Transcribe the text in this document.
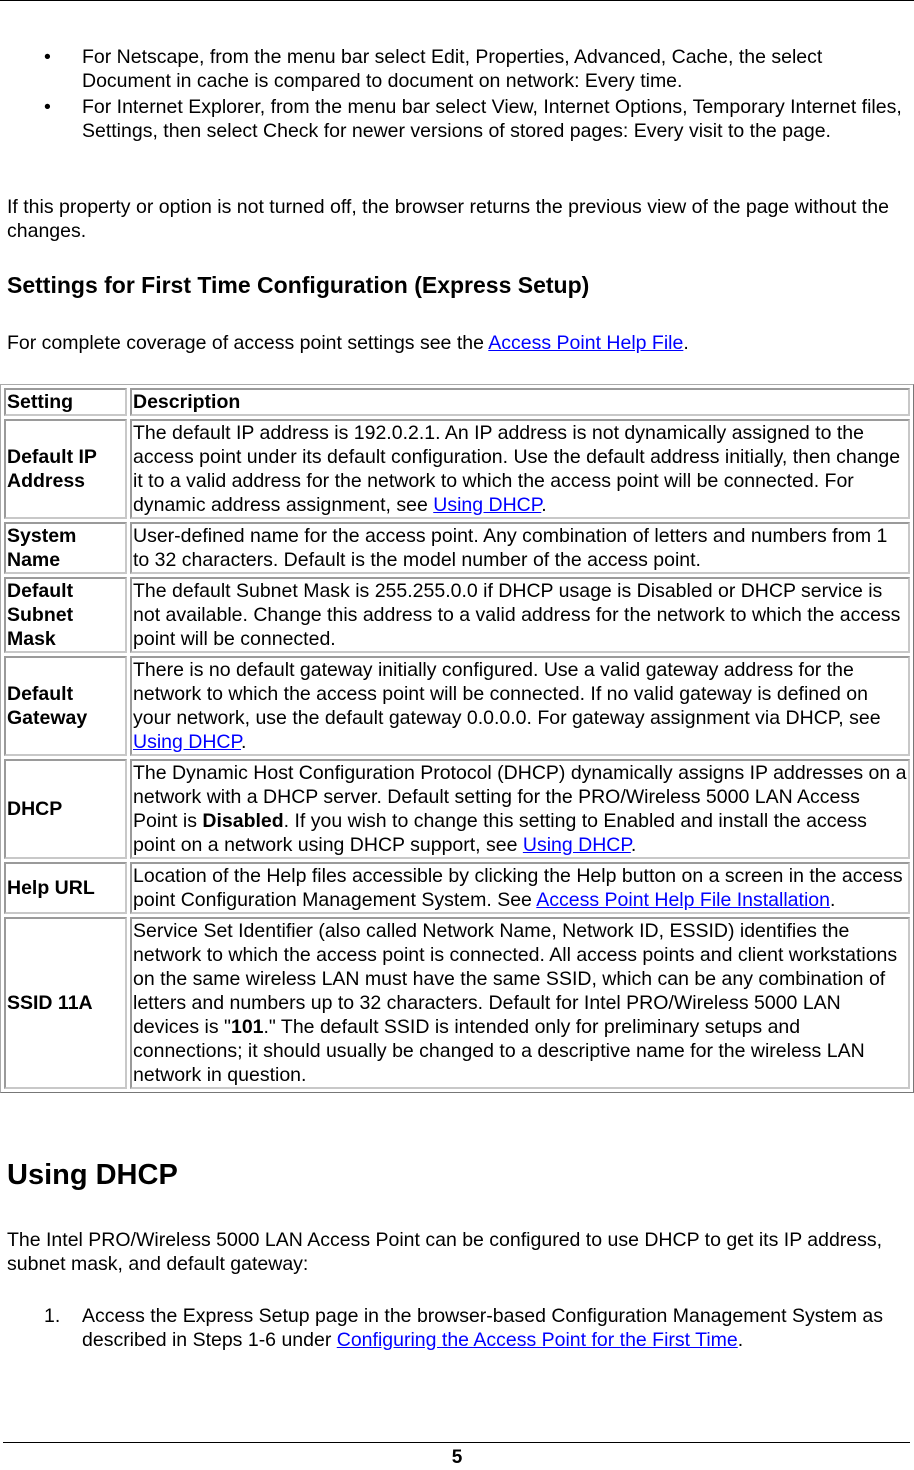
• For Netscape, from the menu bar select Edit, Properties, Advanced, Cache, the select Document in cache is compared to document on network: Every time.
• For Internet Explorer, from the menu bar select View, Internet Options, Temporary Internet files, Settings, then select Check for newer versions of stored pages: Every visit to the page.

If this property or option is not turned off, the browser returns the previous view of the page without the changes.

Settings for First Time Configuration (Express Setup)

For complete coverage of access point settings see the Access Point Help File.

Setting	Description
Default IP Address	The default IP address is 192.0.2.1. An IP address is not dynamically assigned to the access point under its default configuration. Use the default address initially, then change it to a valid address for the network to which the access point will be connected. For dynamic address assignment, see Using DHCP.
System Name	User-defined name for the access point. Any combination of letters and numbers from 1 to 32 characters. Default is the model number of the access point.
Default Subnet Mask	The default Subnet Mask is 255.255.0.0 if DHCP usage is Disabled or DHCP service is not available. Change this address to a valid address for the network to which the access point will be connected.
Default Gateway	There is no default gateway initially configured. Use a valid gateway address for the network to which the access point will be connected. If no valid gateway is defined on your network, use the default gateway 0.0.0.0. For gateway assignment via DHCP, see Using DHCP.
DHCP	The Dynamic Host Configuration Protocol (DHCP) dynamically assigns IP addresses on a network with a DHCP server. Default setting for the PRO/Wireless 5000 LAN Access Point is Disabled. If you wish to change this setting to Enabled and install the access point on a network using DHCP support, see Using DHCP.
Help URL	Location of the Help files accessible by clicking the Help button on a screen in the access point Configuration Management System. See Access Point Help File Installation.
SSID 11A	Service Set Identifier (also called Network Name, Network ID, ESSID) identifies the network to which the access point is connected. All access points and client workstations on the same wireless LAN must have the same SSID, which can be any combination of letters and numbers up to 32 characters. Default for Intel PRO/Wireless 5000 LAN devices is "101." The default SSID is intended only for preliminary setups and connections; it should usually be changed to a descriptive name for the wireless LAN network in question.
Using DHCP

The Intel PRO/Wireless 5000 LAN Access Point can be configured to use DHCP to get its IP address, subnet mask, and default gateway:

1. Access the Express Setup page in the browser-based Configuration Management System as described in Steps 1-6 under Configuring the Access Point for the First Time.
5
